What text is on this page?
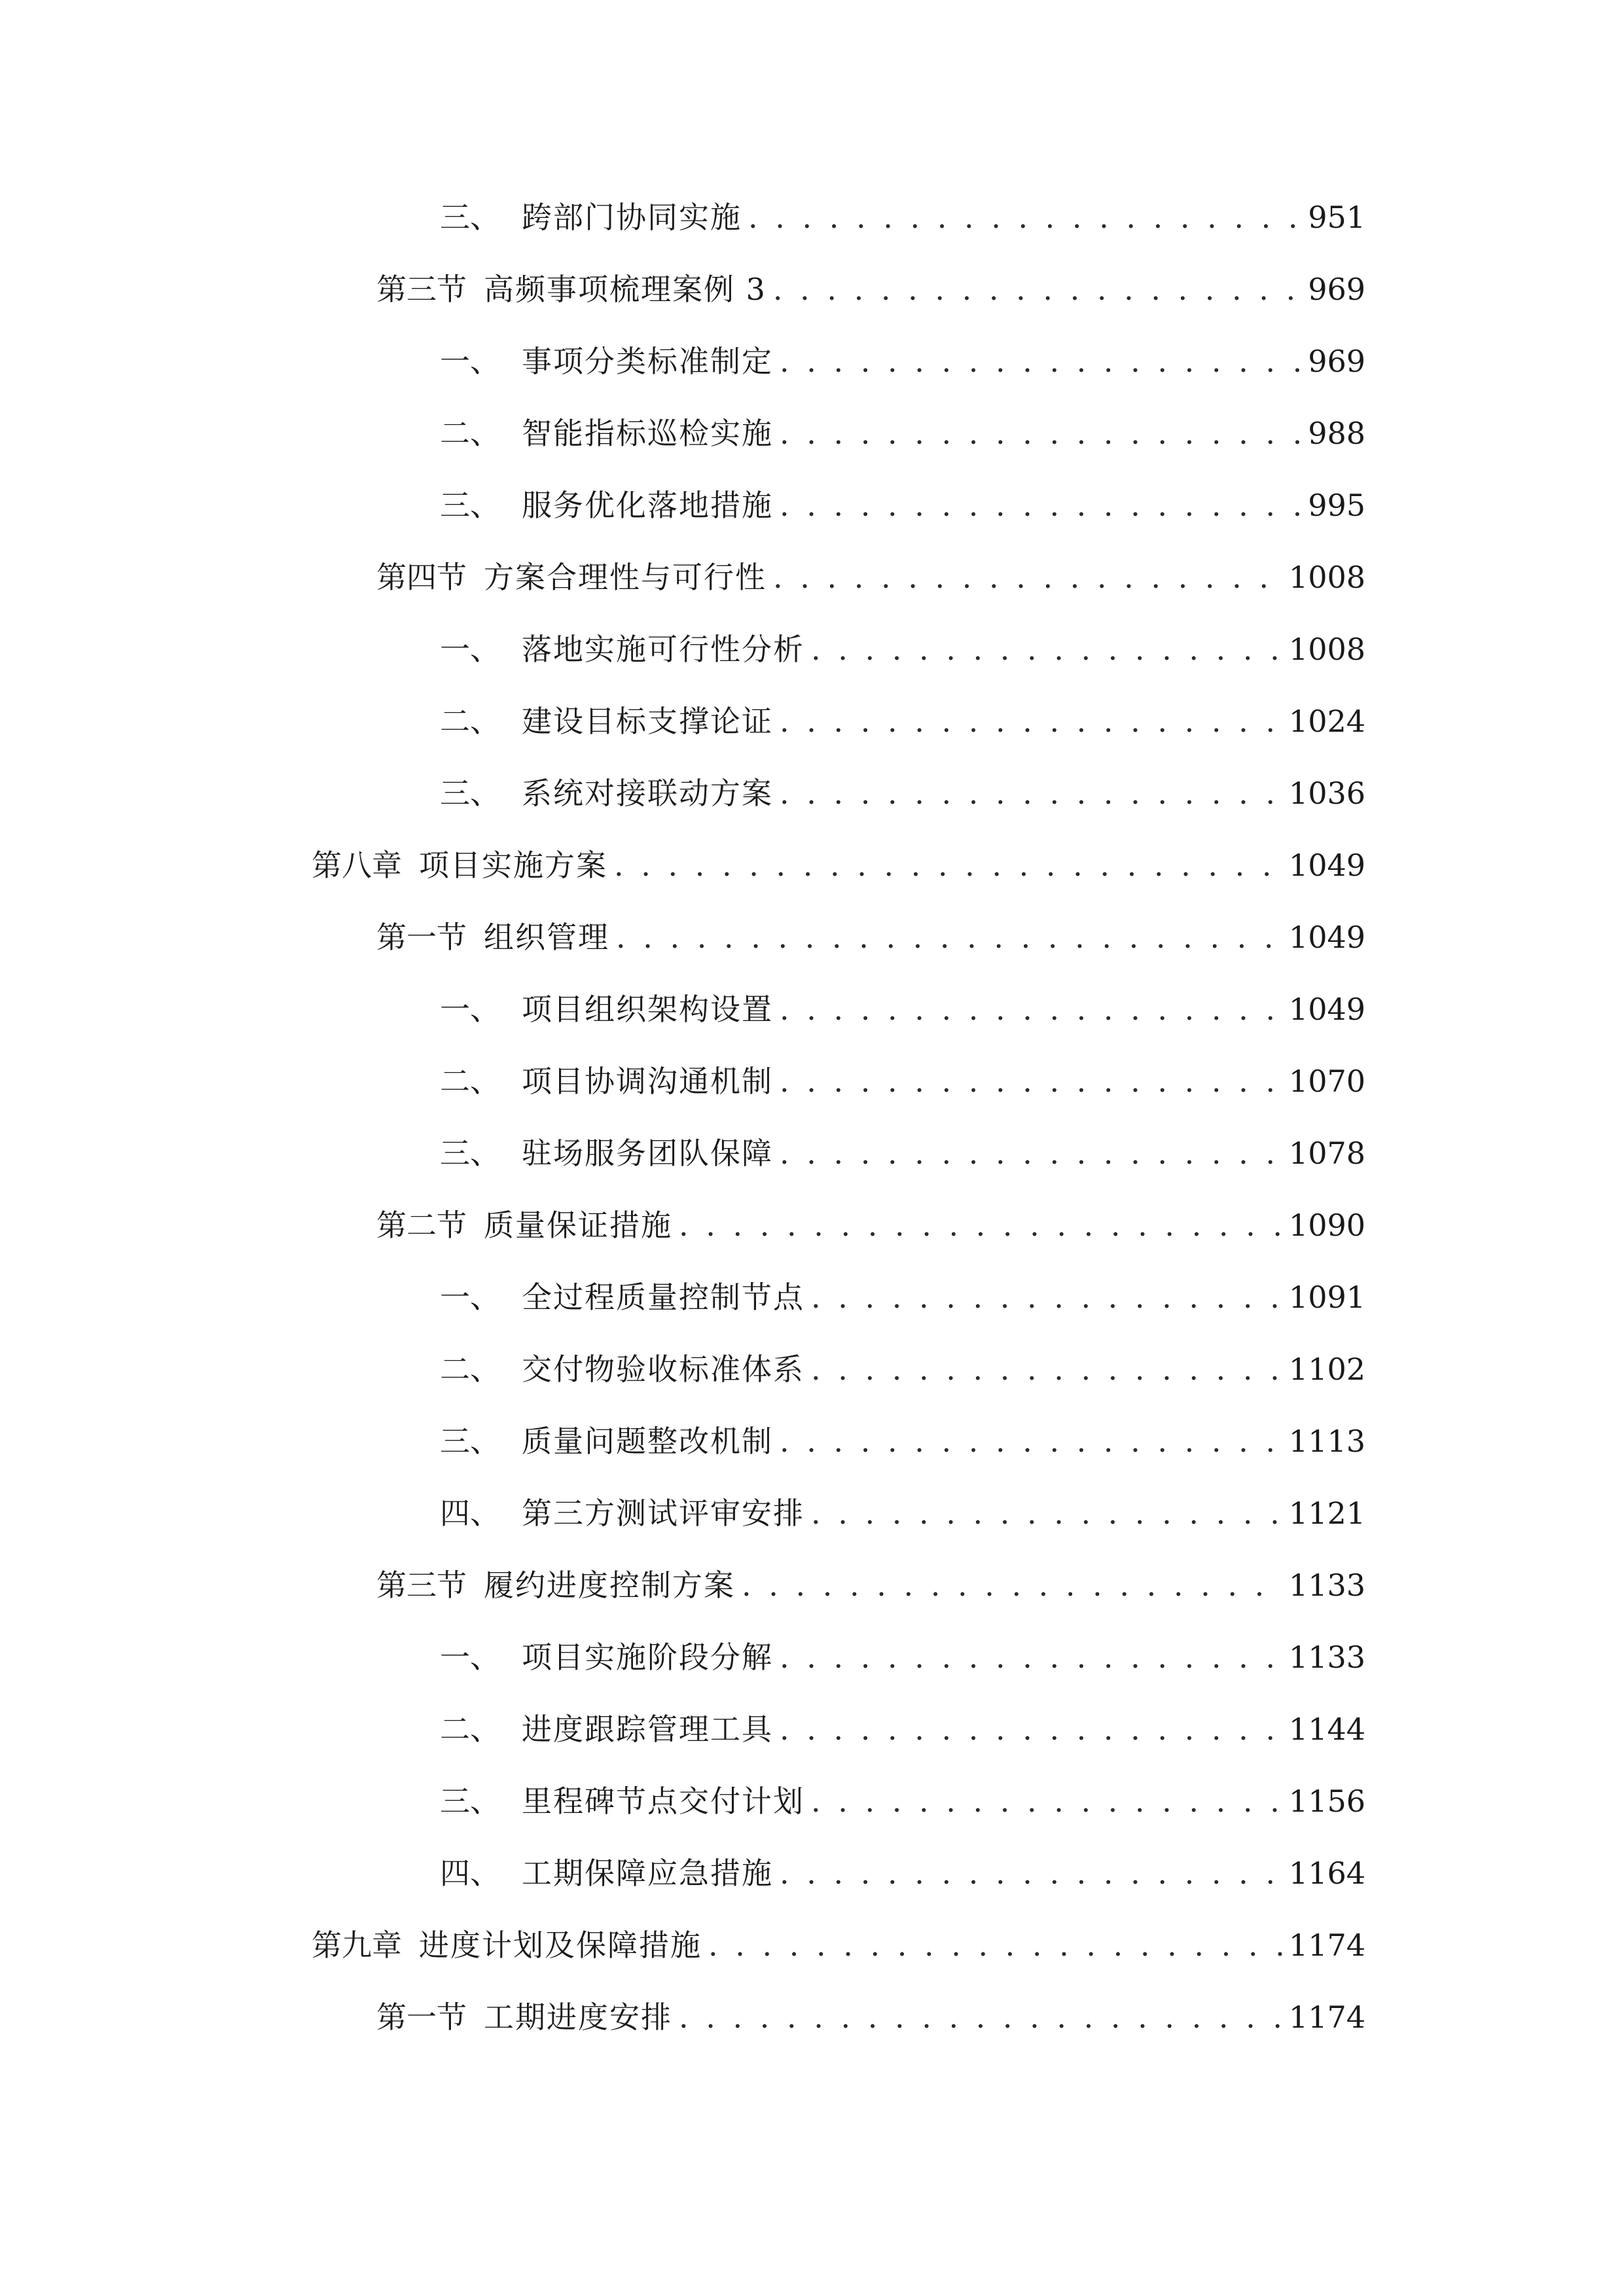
三、 跨部门协同实施 . . .	951
第三节 高频事项梳理案例 3 . . .	969
一、 事项分类标准制定 . . .	969
二、 智能指标巡检实施 . . .	988
三、 服务优化落地措施 . . .	995
第四节 方案合理性与可行性 . . .	1008
一、 落地实施可行性分析 . . .	1008
二、 建设目标支撑论证 . . .	1024
三、 系统对接联动方案 . . .	1036
第八章 项目实施方案 . . .	1049
第一节 组织管理 . . .	1049
一、 项目组织架构设置 . . .	1049
二、 项目协调沟通机制 . . .	1070
三、 驻场服务团队保障 . . .	1078
第二节 质量保证措施 . . .	1090
一、 全过程质量控制节点 . . .	1091
二、 交付物验收标准体系 . . .	1102
三、 质量问题整改机制 . . .	1113
四、 第三方测试评审安排 . . .	1121
第三节 履约进度控制方案 . . .	1133
一、 项目实施阶段分解 . . .	1133
二、 进度跟踪管理工具 . . .	1144
三、 里程碑节点交付计划 . . .	1156
四、 工期保障应急措施 . . .	1164
第九章 进度计划及保障措施 . . .	1174
第一节 工期进度安排 . . .	1174
